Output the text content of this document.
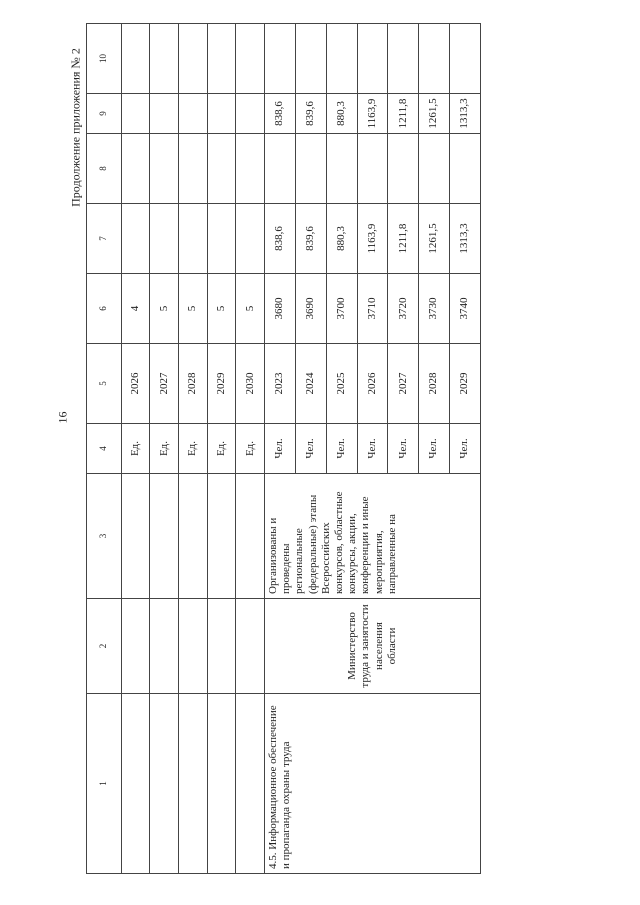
16
Продолжение приложения № 2
1	2	3	4	5	6	7	8	9	10	
			Ед.	2026	4					
			Ед.	2027	5					
			Ед.	2028	5					
			Ед.	2029	5					
			Ед.	2030	5					
4.5. Информационное обеспечение и пропаганда охраны труда	Министерство труда и занятости населения области	Организованы и проведены региональные (федеральные) этапы Всероссийских конкурсов, областные конкурсы, акции, конференции и иные мероприятия, направленные на	Чел.	2023	3680	838,6		838,6		
			Чел.	2024	3690	839,6		839,6		
			Чел.	2025	3700	880,3		880,3		
			Чел.	2026	3710	1163,9		1163,9		
			Чел.	2027	3720	1211,8		1211,8		
			Чел.	2028	3730	1261,5		1261,5		
			Чел.	2029	3740	1313,3		1313,3		
